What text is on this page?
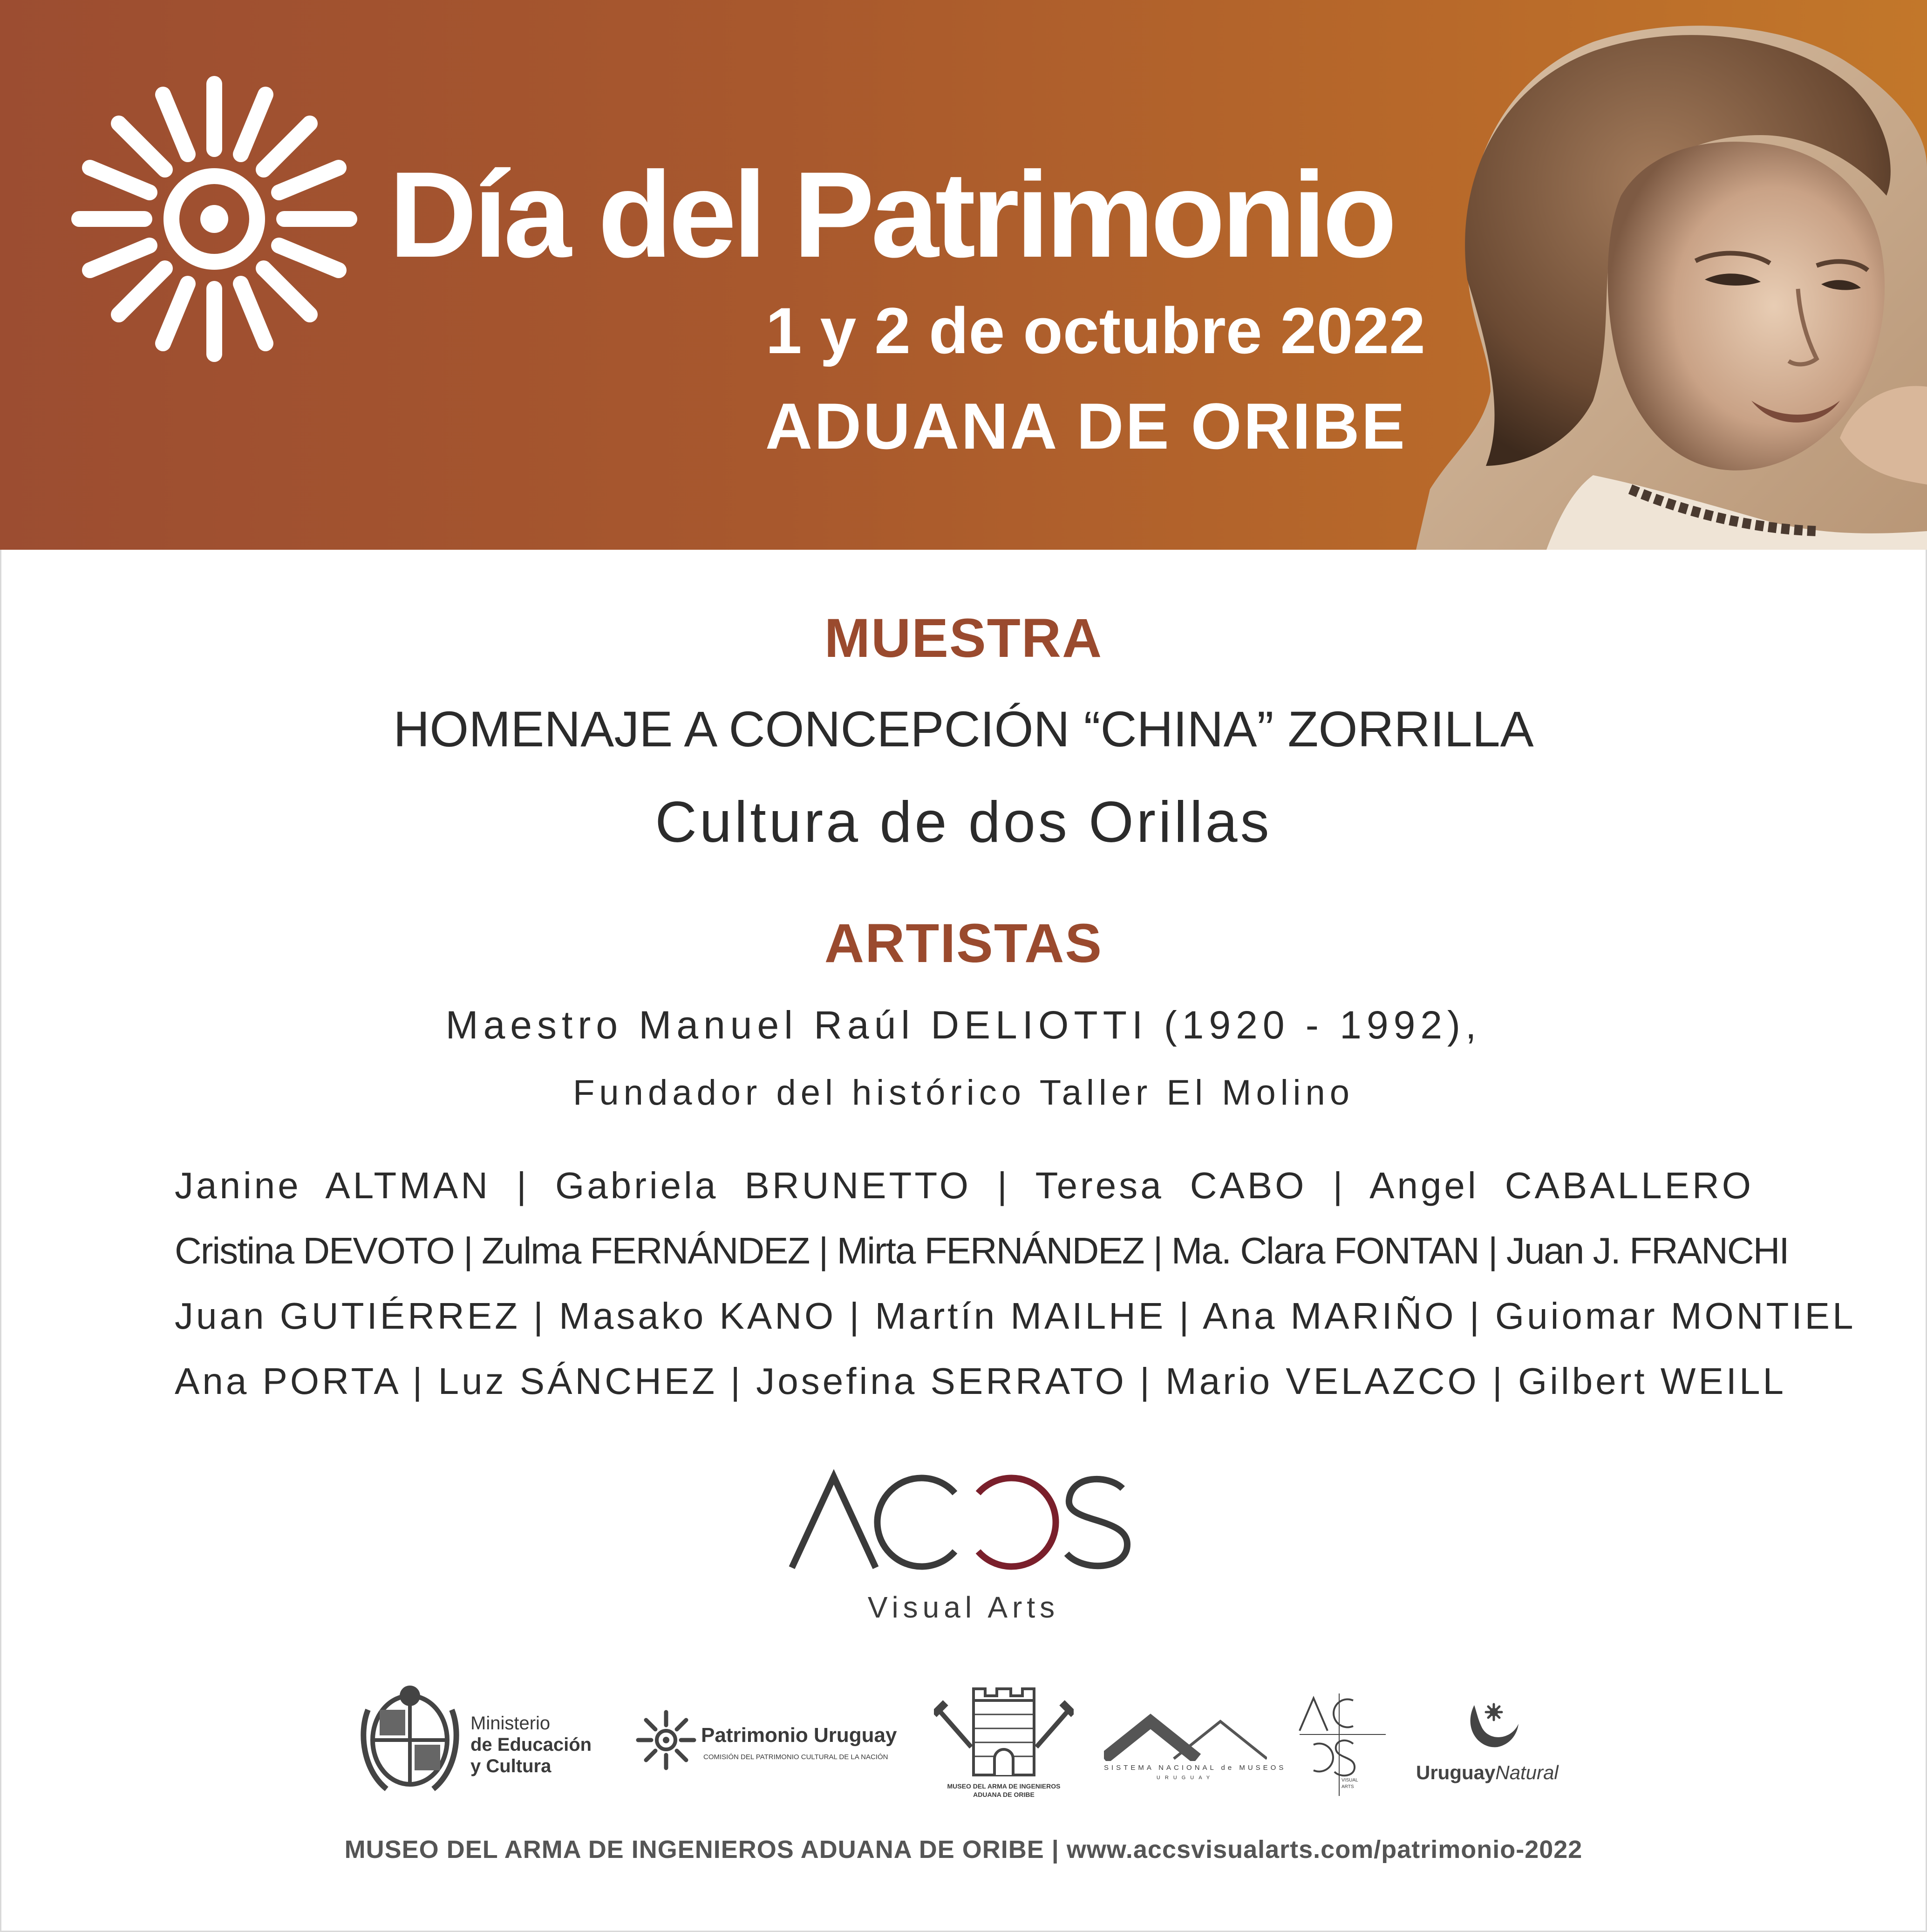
Día del Patrimonio
1 y 2 de octubre 2022
ADUANA DE ORIBE
MUESTRA
HOMENAJE A CONCEPCIÓN “CHINA” ZORRILLA
Cultura de dos Orillas
ARTISTAS
Maestro Manuel Raúl DELIOTTI (1920 - 1992),
Fundador del histórico Taller El Molino
Janine ALTMAN | Gabriela BRUNETTO | Teresa CABO | Angel CABALLERO
Cristina DEVOTO | Zulma FERNÁNDEZ | Mirta FERNÁNDEZ | Ma. Clara FONTAN | Juan J. FRANCHI
Juan GUTIÉRREZ | Masako KANO | Martín MAILHE | Ana MARIÑO | Guiomar MONTIEL
Ana PORTA | Luz SÁNCHEZ | Josefina SERRATO | Mario VELAZCO | Gilbert WEILL
Visual Arts
Ministerio
de Educación
y Cultura
Patrimonio Uruguay
COMISIÓN DEL PATRIMONIO CULTURAL DE LA NACIÓN
MUSEO DEL ARMA DE INGENIEROS
ADUANA DE ORIBE
SISTEMA NACIONAL de MUSEOS
URUGUAY	VISUAL
ARTS
UruguayNatural
MUSEO DEL ARMA DE INGENIEROS ADUANA DE ORIBE | www.accsvisualarts.com/patrimonio-2022
